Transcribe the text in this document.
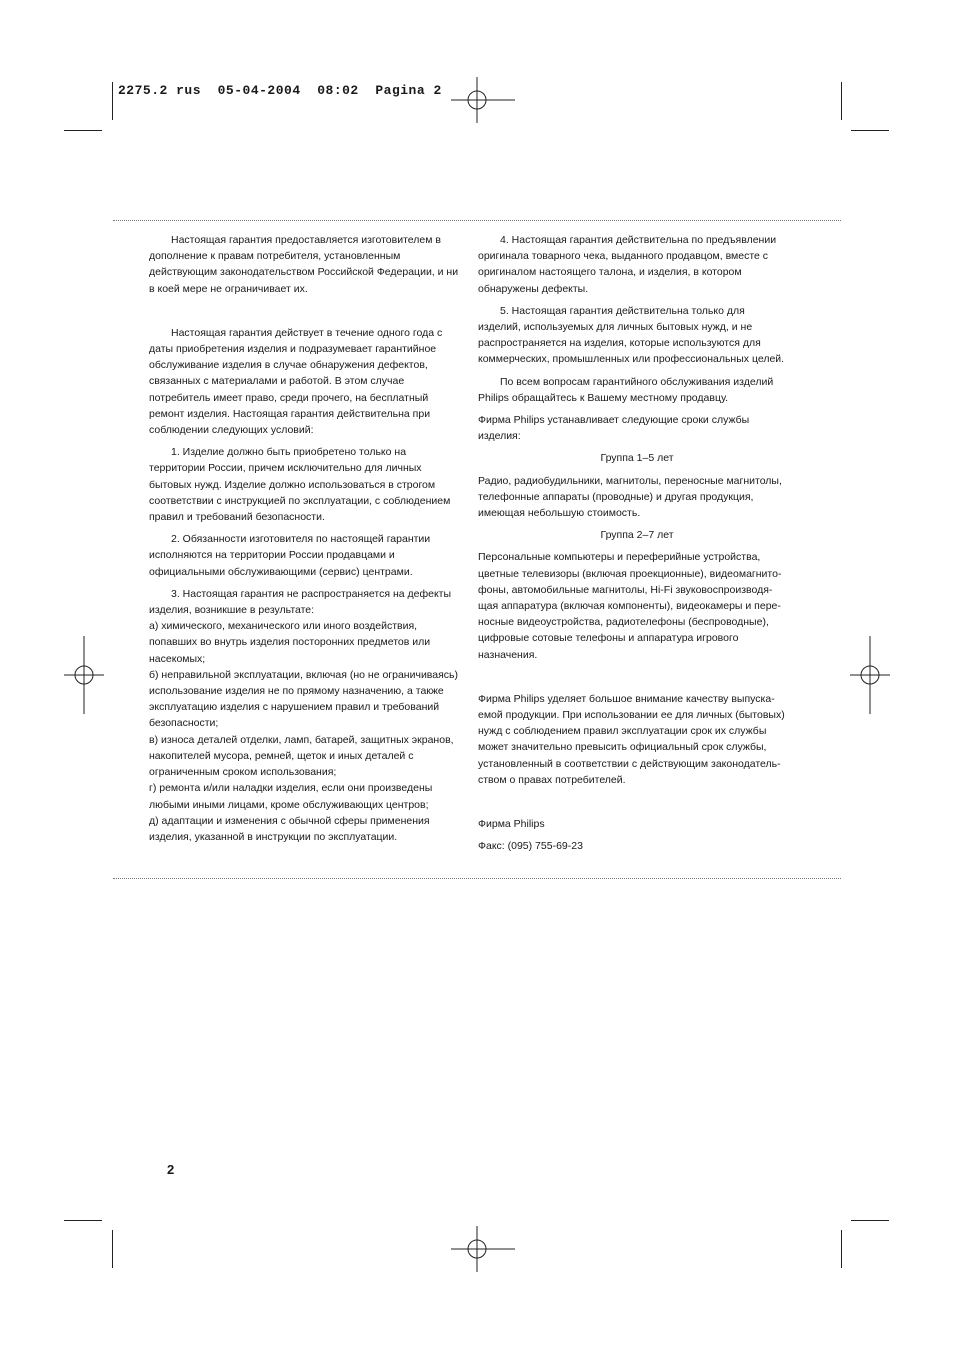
2275.2 rus  05-04-2004  08:02  Pagina 2

Настоящая гарантия предоставляется изготовителем в
дополнение к правам потребителя, установленным
действующим законодательством Российской Федерации, и ни
в коей мере не ограничивает их.

Настоящая гарантия действует в течение одного года с
даты приобретения изделия и подразумевает гарантийное
обслуживание изделия в случае обнаружения дефектов,
связанных с материалами и работой. В этом случае
потребитель имеет право, среди прочего, на бесплатный
ремонт изделия. Настоящая гарантия действительна при
соблюдении следующих условий:

1. Изделие должно быть приобретено только на
территории России, причем исключительно для личных
бытовых нужд. Изделие должно использоваться в строгом
соответствии с инструкцией по эксплуатации, с соблюдением
правил и требований безопасности.

2. Обязанности изготовителя по настоящей гарантии
исполняются на территории России продавцами и
официальными обслуживающими (сервис) центрами.

3. Настоящая гарантия не распространяется на дефекты
изделия, возникшие в результате:

а) химического, механического или иного воздействия,
попавших во внутрь изделия посторонних предметов или
насекомых;
б) неправильной эксплуатации, включая (но не ограничиваясь)
использование изделия не по прямому назначению, а также
эксплуатацию изделия с нарушением правил и требований
безопасности;
в) износа деталей отделки, ламп, батарей, защитных экранов,
накопителей мусора, ремней, щеток и иных деталей с
ограниченным сроком использования;
г) ремонта и/или наладки изделия, если они произведены
любыми иными лицами, кроме обслуживающих центров;
д) адаптации и изменения с обычной сферы применения
изделия, указанной в инструкции по эксплуатации.

4. Настоящая гарантия действительна по предъявлении
оригинала товарного чека, выданного продавцом, вместе с
оригиналом настоящего талона, и изделия, в котором
обнаружены дефекты.

5. Настоящая гарантия действительна только для
изделий, используемых для личных бытовых нужд, и не
распространяется на изделия, которые используются для
коммерческих, промышленных или профессиональных целей.

По всем вопросам гарантийного обслуживания изделий
Philips обращайтесь к Вашему местному продавцу.

Фирма Philips устанавливает следующие сроки службы
изделия:

Группа 1–5 лет

Радио, радиобудильники, магнитолы, переносные магнитолы,
телефонные аппараты (проводные) и другая продукция,
имеющая небольшую стоимость.

Группа 2–7 лет

Персональные компьютеры и переферийные устройства,
цветные телевизоры (включая проекционные), видеомагнито-
фоны, автомобильные магнитолы, Hi-Fi звуковоспроизводя-
щая аппаратура (включая компоненты), видеокамеры и пере-
носные видеоустройства, радиотелефоны (беспроводные),
цифровые сотовые телефоны и аппаратура игрового
назначения.

Фирма Philips уделяет большое внимание качеству выпуска-
емой продукции. При использовании ее для личных (бытовых)
нужд с соблюдением правил эксплуатации срок их службы
может значительно превысить официальный срок службы,
установленный в соответствии с действующим законодатель-
ством о правах потребителей.

Фирма Philips

Факс: (095) 755-69-23

2
